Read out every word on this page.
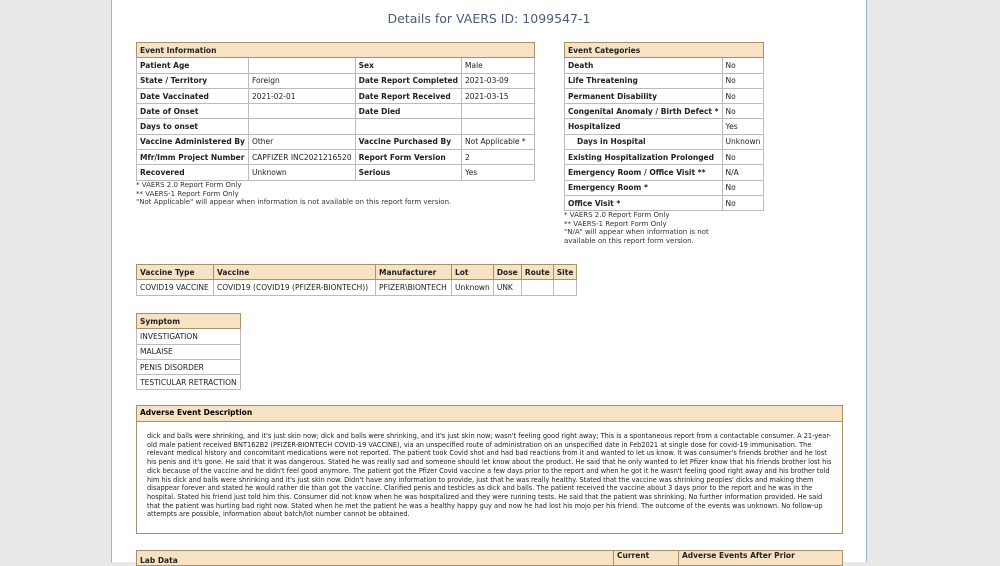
Details for VAERS ID: 1099547-1
Event Information			
Patient Age		Sex	Male
State / Territory	Foreign	Date Report Completed	2021-03-09
Date Vaccinated	2021-02-01	Date Report Received	2021-03-15
Date of Onset		Date Died	
Days to onset			
Vaccine Administered By	Other	Vaccine Purchased By	Not Applicable *
Mfr/Imm Project Number	CAPFIZER INC2021216520	Report Form Version	2
Recovered	Unknown	Serious	Yes
* VAERS 2.0 Report Form Only
** VAERS-1 Report Form Only
"Not Applicable" will appear when information is not available on this report form version.
Event Categories	
Death	No
Life Threatening	No
Permanent Disability	No
Congenital Anomaly / Birth Defect *	No
Hospitalized	Yes
Days in Hospital	Unknown
Existing Hospitalization Prolonged	No
Emergency Room / Office Visit **	N/A
Emergency Room *	No
Office Visit *	No
* VAERS 2.0 Report Form Only
** VAERS-1 Report Form Only
"N/A" will appear when information is not
available on this report form version.
Vaccine Type	Vaccine	Manufacturer	Lot	Dose	Route	Site
COVID19 VACCINE	COVID19 (COVID19 (PFIZER-BIONTECH))	PFIZER\BIONTECH	Unknown	UNK		
Symptom
INVESTIGATION
MALAISE
PENIS DISORDER
TESTICULAR RETRACTION
Adverse Event Description
dick and balls were shrinking, and it's just skin now; dick and balls were shrinking, and it's just skin now; wasn't feeling good right away; This is a spontaneous report from a contactable consumer. A 21-year-old male patient received BNT162B2 (PFIZER-BIONTECH COVID-19 VACCINE), via an unspecified route of administration on an unspecified date in Feb2021 at single dose for covid-19 immunisation. The relevant medical history and concomitant medications were not reported. The patient took Covid shot and had bad reactions from it and wanted to let us know. It was consumer's friends brother and he lost his penis and it's gone. He said that it was dangerous. Stated he was really sad and someone should let know about the product. He said that he only wanted to let Pfizer know that his friends brother lost his dick because of the vaccine and he didn't feel good anymore. The patient got the Pfizer Covid vaccine a few days prior to the report and when he got it he wasn't feeling good right away and his brother told him his dick and balls were shrinking and it's just skin now. Didn't have any information to provide, just that he was really healthy. Stated that the vaccine was shrinking peoples' dicks and making them disappear forever and stated he would rather die than got the vaccine. Clarified penis and testicles as dick and balls. The patient received the vaccine about 3 days prior to the report and he was in the hospital. Stated his friend just told him this. Consumer did not know when he was hospitalized and they were running tests. He said that the patient was shrinking. No further information provided. He said that the patient was hurting bad right now. Stated when he met the patient he was a healthy happy guy and now he had lost his mojo per his friend. The outcome of the events was unknown. No follow-up attempts are possible, information about batch/lot number cannot be obtained.
Lab Data	Current	Adverse Events After Prior
